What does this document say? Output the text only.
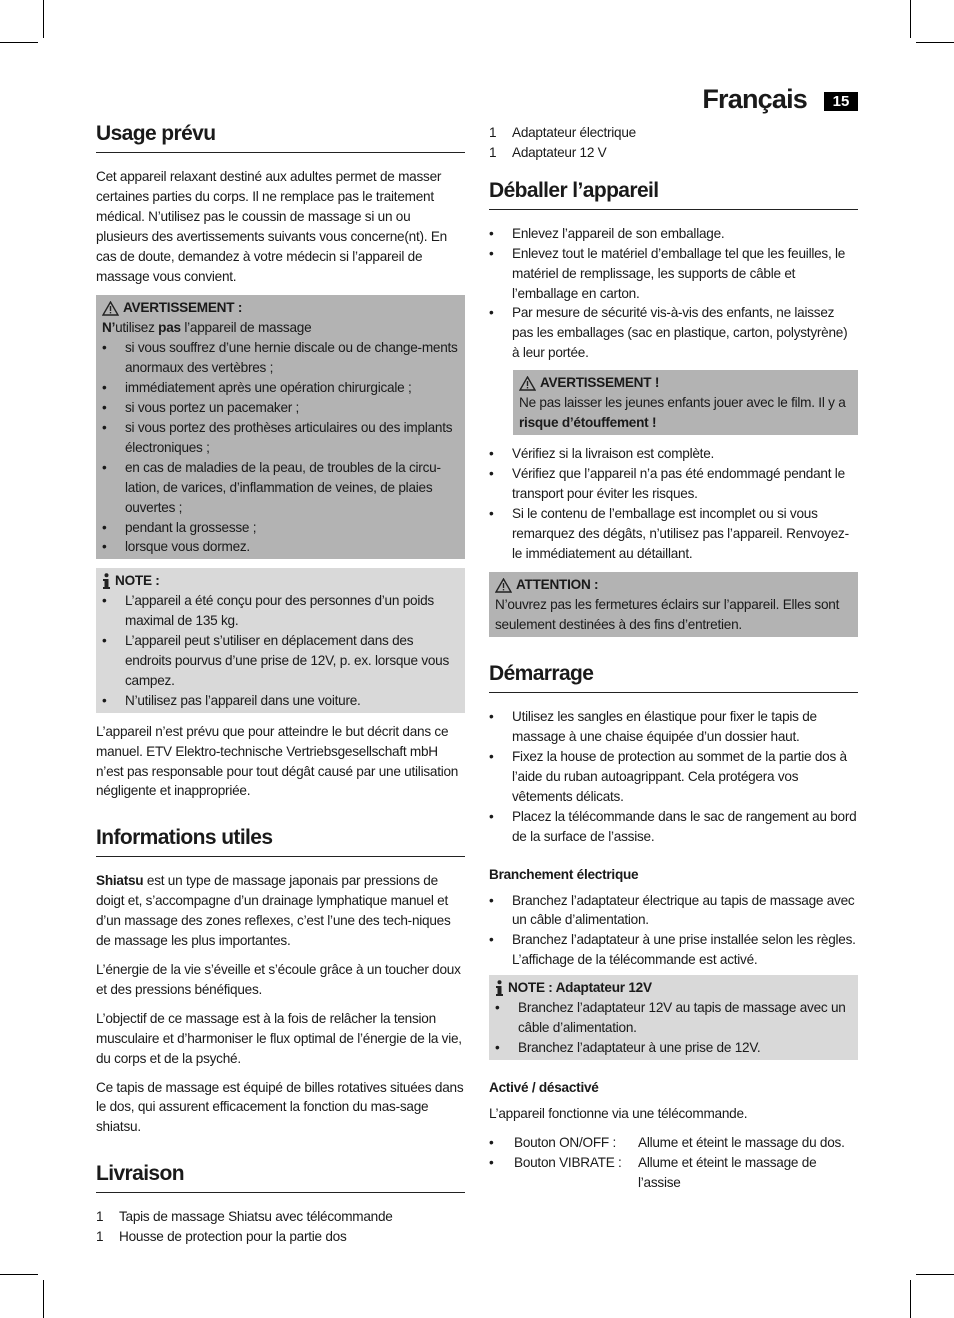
Français	15
Usage prévu

Cet appareil relaxant destiné aux adultes permet de masser certaines parties du corps. Il ne remplace pas le traitement médical. N’utilisez pas le coussin de massage si un ou plusieurs des avertissements suivants vous concerne(nt). En cas de doute, demandez à votre médecin si l’appareil de massage vous convient.

AVERTISSEMENT :

N’utilisez pas l’appareil de massage

• si vous souffrez d’une hernie discale ou de change-ments anormaux des vertèbres ;
• immédiatement après une opération chirurgicale ;
• si vous portez un pacemaker ;
• si vous portez des prothèses articulaires ou des implants électroniques ;
• en cas de maladies de la peau, de troubles de la circu-lation, de varices, d’inflammation de veines, de plaies ouvertes ;
• pendant la grossesse ;
• lorsque vous dormez.
NOTE :
• L’appareil a été conçu pour des personnes d’un poids maximal de 135 kg.
• L’appareil peut s’utiliser en déplacement dans des endroits pourvus d’une prise de 12V, p. ex. lorsque vous campez.
• N’utilisez pas l’appareil dans une voiture.

L’appareil n’est prévu que pour atteindre le but décrit dans ce manuel. ETV Elektro-technische Vertriebsgesellschaft mbH n’est pas responsable pour tout dégât causé par une utilisation négligente et inappropriée.

Informations utiles

Shiatsu est un type de massage japonais par pressions de doigt et, s’accompagne d’un drainage lymphatique manuel et d’un massage des zones reflexes, c’est l’une des tech-niques de massage les plus importantes.

L’énergie de la vie s’éveille et s’écoule grâce à un toucher doux et des pressions bénéfiques.

L’objectif de ce massage est à la fois de relâcher la tension musculaire et d’harmoniser le flux optimal de l’énergie de la vie, du corps et de la psyché.

Ce tapis de massage est équipé de billes rotatives situées dans le dos, qui assurent efficacement la fonction du mas-sage shiatsu.

Livraison
1	Tapis de massage Shiatsu avec télécommande
1	Housse de protection pour la partie dos
1	Adaptateur électrique
1	Adaptateur 12 V
Déballer l’appareil
• Enlevez l’appareil de son emballage.
• Enlevez tout le matériel d’emballage tel que les feuilles, le matériel de remplissage, les supports de câble et l’emballage en carton.
• Par mesure de sécurité vis-à-vis des enfants, ne laissez pas les emballages (sac en plastique, carton, polystyrène) à leur portée.
AVERTISSEMENT !

Ne pas laisser les jeunes enfants jouer avec le film. Il y a risque d’étouffement !

• Vérifiez si la livraison est complète.
• Vérifiez que l’appareil n’a pas été endommagé pendant le transport pour éviter les risques.
• Si le contenu de l’emballage est incomplet ou si vous remarquez des dégâts, n’utilisez pas l’appareil. Renvoyez-le immédiatement au détaillant.
ATTENTION :

N’ouvrez pas les fermetures éclairs sur l’appareil. Elles sont seulement destinées à des fins d’entretien.

Démarrage
• Utilisez les sangles en élastique pour fixer le tapis de massage à une chaise équipée d’un dossier haut.
• Fixez la house de protection au sommet de la partie dos à l’aide du ruban autoagrippant. Cela protégera vos vêtements délicats.
• Placez la télécommande dans le sac de rangement au bord de la surface de l’assise.
Branchement électrique
• Branchez l’adaptateur électrique au tapis de massage avec un câble d’alimentation.
• Branchez l’adaptateur à une prise installée selon les règles. L’affichage de la télécommande est activé.
NOTE : Adaptateur 12V
• Branchez l’adaptateur 12V au tapis de massage avec un câble d’alimentation.
• Branchez l’adaptateur à une prise de 12V.
Activé / désactivé

L’appareil fonctionne via une télécommande.

• Bouton ON/OFF :	Allume et éteint le massage du dos.
• Bouton VIBRATE :	Allume et éteint le massage de l’assise
